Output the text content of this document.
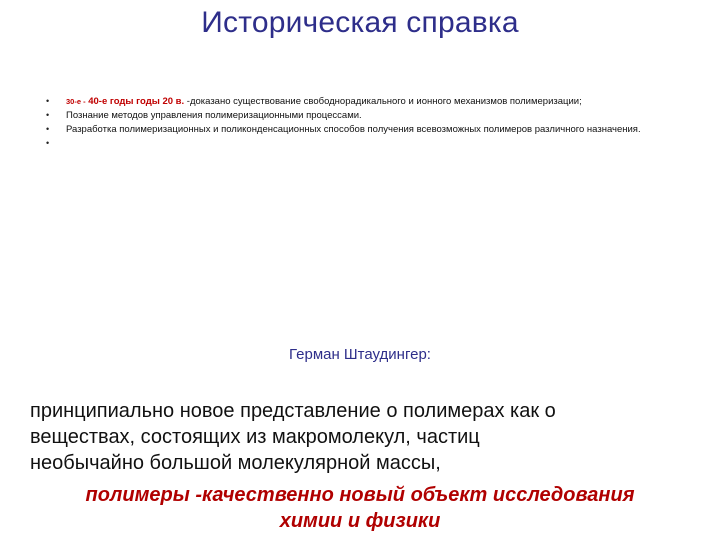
Историческая справка
• 30-е - 40-е годы годы 20 в. -доказано существование свободнорадикального и ионного механизмов полимеризации;
• Познание методов управления полимеризационными процессами.
• Разработка полимеризационных и поликонденсационных способов получения всевозможных полимеров различного назначения.
•
Герман Штаудингер:
принципиально новое представление о полимерах как о
веществах, состоящих из макромолекул, частиц
необычайно большой молекулярной массы,
полимеры -качественно новый объект исследования
химии и физики
